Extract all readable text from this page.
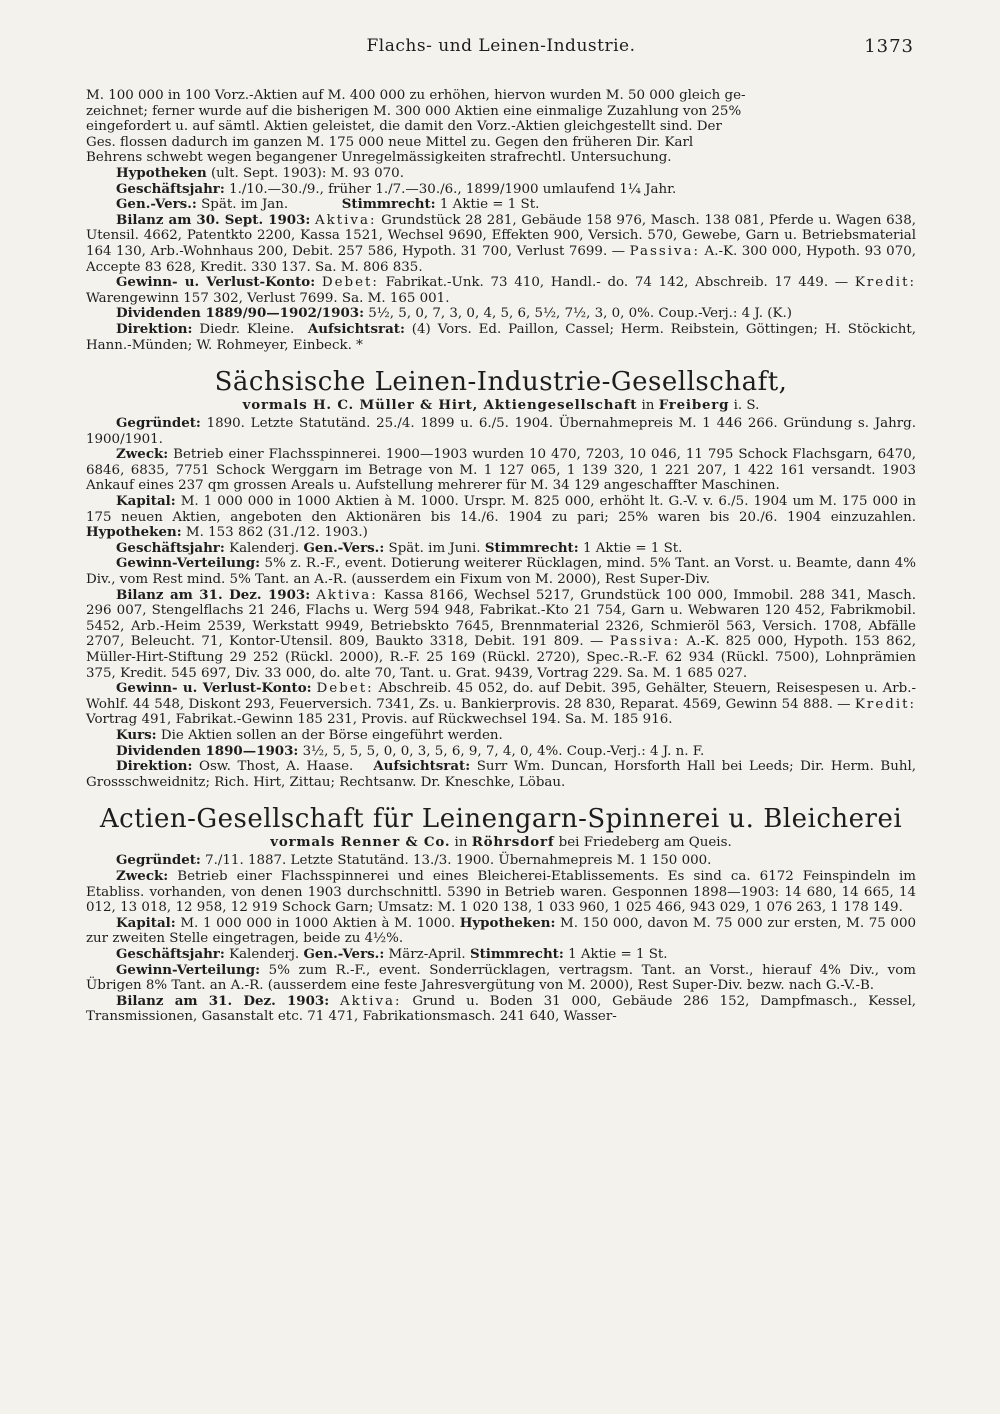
Flachs- und Leinen-Industrie.	1373

M. 100 000 in 100 Vorz.-Aktien auf M. 400 000 zu erhöhen, hiervon wurden M. 50 000 gleich ge-

zeichnet; ferner wurde auf die bisherigen M. 300 000 Aktien eine einmalige Zuzahlung von 25%

eingefordert u. auf sämtl. Aktien geleistet, die damit den Vorz.-Aktien gleichgestellt sind. Der

Ges. flossen dadurch im ganzen M. 175 000 neue Mittel zu. Gegen den früheren Dir. Karl

Behrens schwebt wegen begangener Unregelmässigkeiten strafrechtl. Untersuchung.

Hypotheken (ult. Sept. 1903): M. 93 070.

Geschäftsjahr: 1./10.—30./9., früher 1./7.—30./6., 1899/1900 umlaufend 1¼ Jahr.

Gen.-Vers.: Spät. im Jan.    	Stimmrecht: 1 Aktie = 1 St.

Bilanz am 30. Sept. 1903: Aktiva: Grundstück 28 281, Gebäude 158 976, Masch. 138 081, Pferde u. Wagen 638, Utensil. 4662, Patentkto 2200, Kassa 1521, Wechsel 9690, Effekten 900, Versich. 570, Gewebe, Garn u. Betriebsmaterial 164 130, Arb.-Wohnhaus 200, Debit. 257 586, Hypoth. 31 700, Verlust 7699. — Passiva: A.-K. 300 000, Hypoth. 93 070, Accepte 83 628, Kredit. 330 137. Sa. M. 806 835.

Gewinn- u. Verlust-Konto: Debet: Fabrikat.-Unk. 73 410, Handl.- do. 74 142, Abschreib. 17 449. — Kredit: Warengewinn 157 302, Verlust 7699. Sa. M. 165 001.

Dividenden 1889/90—1902/1903: 5½, 5, 0, 7, 3, 0, 4, 5, 6, 5½, 7½, 3, 0, 0%. Coup.-Verj.: 4 J. (K.)

Direktion: Diedr. Kleine.  Aufsichtsrat: (4) Vors. Ed. Paillon, Cassel; Herm. Reibstein, Göttingen; H. Stöckicht, Hann.-Münden; W. Rohmeyer, Einbeck. *

Sächsische Leinen-Industrie-Gesellschaft,
vormals H. C. Müller & Hirt, Aktiengesellschaft in Freiberg i. S.

Gegründet: 1890. Letzte Statutänd. 25./4. 1899 u. 6./5. 1904. Übernahmepreis M. 1 446 266. Gründung s. Jahrg. 1900/1901.

Zweck: Betrieb einer Flachsspinnerei. 1900—1903 wurden 10 470, 7203, 10 046, 11 795 Schock Flachsgarn, 6470, 6846, 6835, 7751 Schock Werggarn im Betrage von M. 1 127 065, 1 139 320, 1 221 207, 1 422 161 versandt. 1903 Ankauf eines 237 qm grossen Areals u. Aufstellung mehrerer für M. 34 129 angeschaffter Maschinen.

Kapital: M. 1 000 000 in 1000 Aktien à M. 1000. Urspr. M. 825 000, erhöht lt. G.-V. v. 6./5. 1904 um M. 175 000 in 175 neuen Aktien, angeboten den Aktionären bis 14./6. 1904 zu pari; 25% waren bis 20./6. 1904 einzuzahlen. Hypotheken: M. 153 862 (31./12. 1903.)

Geschäftsjahr: Kalenderj. Gen.-Vers.: Spät. im Juni. Stimmrecht: 1 Aktie = 1 St.

Gewinn-Verteilung: 5% z. R.-F., event. Dotierung weiterer Rücklagen, mind. 5% Tant. an Vorst. u. Beamte, dann 4% Div., vom Rest mind. 5% Tant. an A.-R. (ausserdem ein Fixum von M. 2000), Rest Super-Div.

Bilanz am 31. Dez. 1903: Aktiva: Kassa 8166, Wechsel 5217, Grundstück 100 000, Immobil. 288 341, Masch. 296 007, Stengelflachs 21 246, Flachs u. Werg 594 948, Fabrikat.-Kto 21 754, Garn u. Webwaren 120 452, Fabrikmobil. 5452, Arb.-Heim 2539, Werkstatt 9949, Betriebskto 7645, Brennmaterial 2326, Schmieröl 563, Versich. 1708, Abfälle 2707, Beleucht. 71, Kontor-Utensil. 809, Baukto 3318, Debit. 191 809. — Passiva: A.-K. 825 000, Hypoth. 153 862, Müller-Hirt-Stiftung 29 252 (Rückl. 2000), R.-F. 25 169 (Rückl. 2720), Spec.-R.-F. 62 934 (Rückl. 7500), Lohnprämien 375, Kredit. 545 697, Div. 33 000, do. alte 70, Tant. u. Grat. 9439, Vortrag 229. Sa. M. 1 685 027.

Gewinn- u. Verlust-Konto: Debet: Abschreib. 45 052, do. auf Debit. 395, Gehälter, Steuern, Reisespesen u. Arb.-Wohlf. 44 548, Diskont 293, Feuerversich. 7341, Zs. u. Bankierprovis. 28 830, Reparat. 4569, Gewinn 54 888. — Kredit: Vortrag 491, Fabrikat.-Gewinn 185 231, Provis. auf Rückwechsel 194. Sa. M. 185 916.

Kurs: Die Aktien sollen an der Börse eingeführt werden.

Dividenden 1890—1903: 3½, 5, 5, 5, 0, 0, 3, 5, 6, 9, 7, 4, 0, 4%. Coup.-Verj.: 4 J. n. F.

Direktion: Osw. Thost, A. Haase.  Aufsichtsrat: Surr Wm. Duncan, Horsforth Hall bei Leeds; Dir. Herm. Buhl, Grossschweidnitz; Rich. Hirt, Zittau; Rechtsanw. Dr. Kneschke, Löbau.

Actien-Gesellschaft für Leinengarn-Spinnerei u. Bleicherei
vormals Renner & Co. in Röhrsdorf bei Friedeberg am Queis.

Gegründet: 7./11. 1887. Letzte Statutänd. 13./3. 1900. Übernahmepreis M. 1 150 000.

Zweck: Betrieb einer Flachsspinnerei und eines Bleicherei-Etablissements. Es sind ca. 6172 Feinspindeln im Etabliss. vorhanden, von denen 1903 durchschnittl. 5390 in Betrieb waren. Gesponnen 1898—1903: 14 680, 14 665, 14 012, 13 018, 12 958, 12 919 Schock Garn; Umsatz: M. 1 020 138, 1 033 960, 1 025 466, 943 029, 1 076 263, 1 178 149.

Kapital: M. 1 000 000 in 1000 Aktien à M. 1000. Hypotheken: M. 150 000, davon M. 75 000 zur ersten, M. 75 000 zur zweiten Stelle eingetragen, beide zu 4½%.

Geschäftsjahr: Kalenderj. Gen.-Vers.: März-April. Stimmrecht: 1 Aktie = 1 St.

Gewinn-Verteilung: 5% zum R.-F., event. Sonderrücklagen, vertragsm. Tant. an Vorst., hierauf 4% Div., vom Übrigen 8% Tant. an A.-R. (ausserdem eine feste Jahresvergütung von M. 2000), Rest Super-Div. bezw. nach G.-V.-B.

Bilanz am 31. Dez. 1903: Aktiva: Grund u. Boden 31 000, Gebäude 286 152, Dampfmasch., Kessel, Transmissionen, Gasanstalt etc. 71 471, Fabrikationsmasch. 241 640, Wasser-
